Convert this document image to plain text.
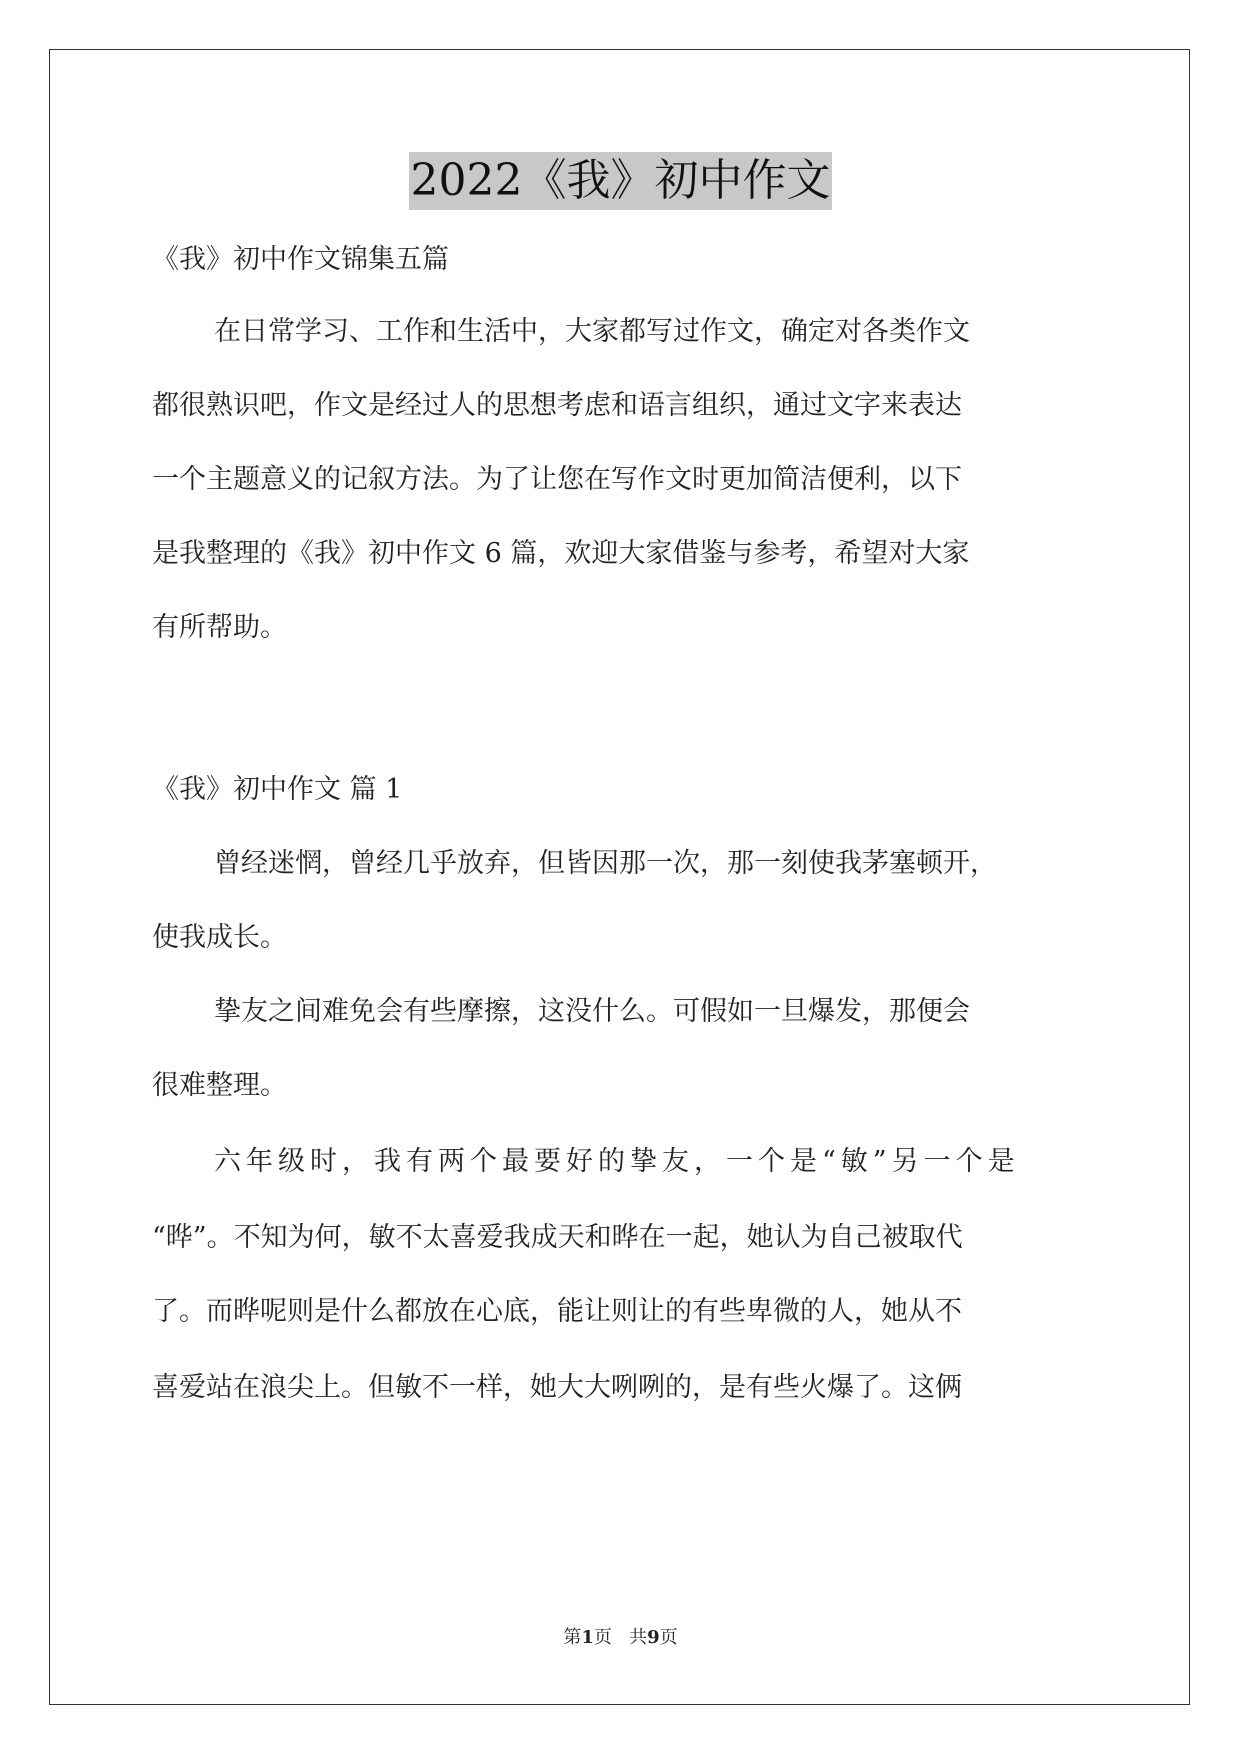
2022《我》初中作文
《我》初中作文锦集五篇
在日常学习、工作和生活中，大家都写过作文，确定对各类作文
都很熟识吧，作文是经过人的思想考虑和语言组织，通过文字来表达
一个主题意义的记叙方法。为了让您在写作文时更加简洁便利，以下
是我整理的《我》初中作文 6 篇，欢迎大家借鉴与参考，希望对大家
有所帮助。
《我》初中作文 篇 1
曾经迷惘，曾经几乎放弃，但皆因那一次，那一刻使我茅塞顿开，
使我成长。
挚友之间难免会有些摩擦，这没什么。可假如一旦爆发，那便会
很难整理。
六年级时，我有两个最要好的挚友，一个是“敏”另一个是
“晔”。不知为何，敏不太喜爱我成天和晔在一起，她认为自己被取代
了。而晔呢则是什么都放在心底，能让则让的有些卑微的人，她从不
喜爱站在浪尖上。但敏不一样，她大大咧咧的，是有些火爆了。这俩
第1页   共9页
